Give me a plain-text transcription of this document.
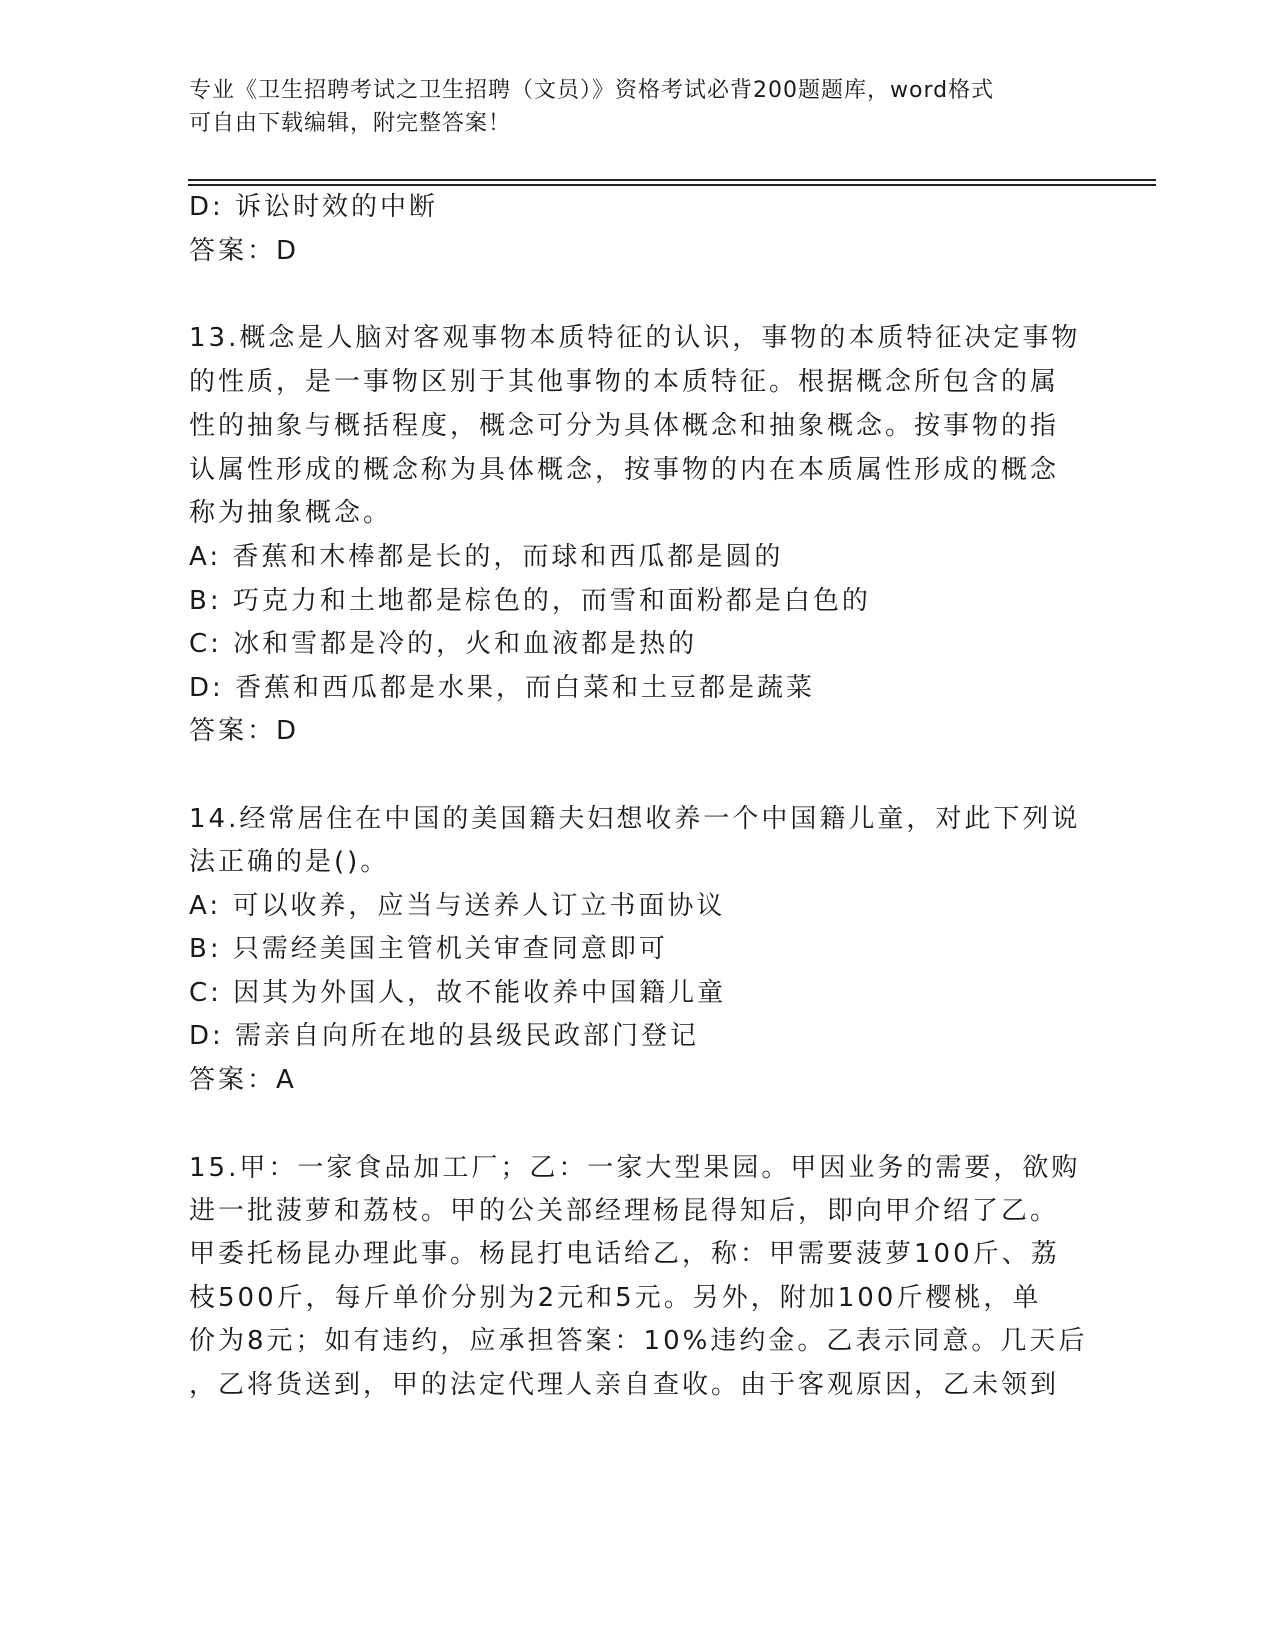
专业《卫生招聘考试之卫生招聘（文员）》资格考试必背200题题库，word格式
可自由下载编辑，附完整答案！
D: 诉讼时效的中断
答案：D
13.概念是人脑对客观事物本质特征的认识，事物的本质特征决定事物
的性质，是一事物区别于其他事物的本质特征。根据概念所包含的属
性的抽象与概括程度，概念可分为具体概念和抽象概念。按事物的指
认属性形成的概念称为具体概念，按事物的内在本质属性形成的概念
称为抽象概念。
A: 香蕉和木棒都是长的，而球和西瓜都是圆的
B: 巧克力和土地都是棕色的，而雪和面粉都是白色的
C: 冰和雪都是冷的，火和血液都是热的
D: 香蕉和西瓜都是水果，而白菜和土豆都是蔬菜
答案：D
14.经常居住在中国的美国籍夫妇想收养一个中国籍儿童，对此下列说
法正确的是()。
A: 可以收养，应当与送养人订立书面协议
B: 只需经美国主管机关审查同意即可
C: 因其为外国人，故不能收养中国籍儿童
D: 需亲自向所在地的县级民政部门登记
答案：A
15.甲：一家食品加工厂；乙：一家大型果园。甲因业务的需要，欲购
进一批菠萝和荔枝。甲的公关部经理杨昆得知后，即向甲介绍了乙。
甲委托杨昆办理此事。杨昆打电话给乙，称：甲需要菠萝100斤、荔
枝500斤，每斤单价分别为2元和5元。另外，附加100斤樱桃，单
价为8元；如有违约，应承担答案：10%违约金。乙表示同意。几天后
，乙将货送到，甲的法定代理人亲自查收。由于客观原因，乙未领到
